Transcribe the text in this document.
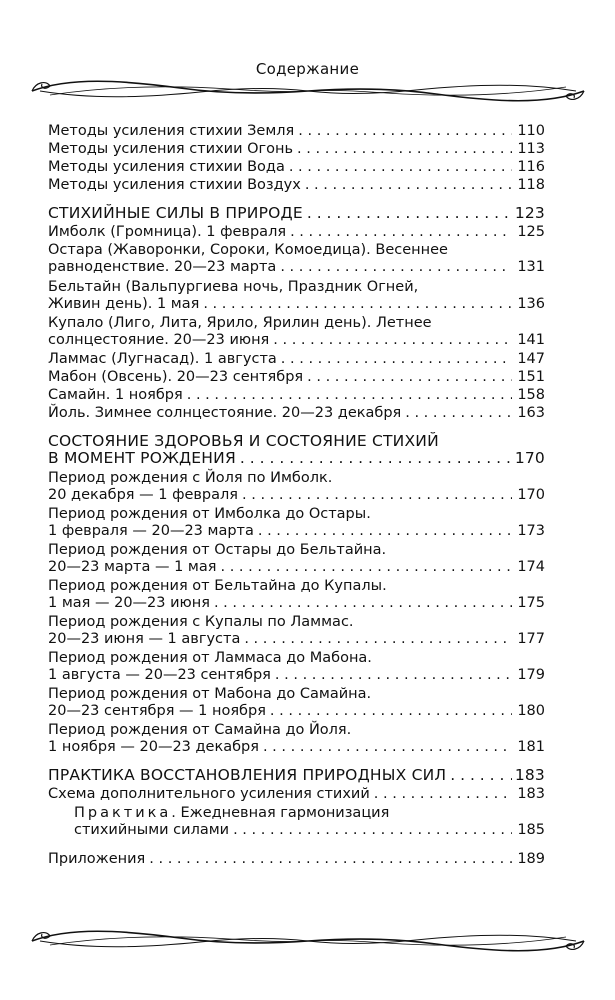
Содержание
Методы усиления стихии Земля . . .	110
Методы усиления стихии Огонь . . .	113
Методы усиления стихии Вода . . .	116
Методы усиления стихии Воздух . . .	118
СТИХИЙНЫЕ СИЛЫ В ПРИРОДЕ . . .	123
Имболк (Громница). 1 февраля . . .	125
Остара (Жаворонки, Сороки, Комоедица). Весеннее
равноденствие. 20—23 марта . . .	131
Бельтайн (Вальпургиева ночь, Праздник Огней,
Живин день). 1 мая . . .	136
Купало (Лиго, Лита, Ярило, Ярилин день). Летнее
солнцестояние. 20—23 июня . . .	141
Ламмас (Лугнасад). 1 августа . . .	147
Мабон (Овсень). 20—23 сентября . . .	151
Самайн. 1 ноября . . .	158
Йоль. Зимнее солнцестояние. 20—23 декабря . . .	163
СОСТОЯНИЕ ЗДОРОВЬЯ И СОСТОЯНИЕ СТИХИЙ
В МОМЕНТ РОЖДЕНИЯ . . .	170
Период рождения с Йоля по Имболк.
20 декабря — 1 февраля . . .	170
Период рождения от Имболка до Остары.
1 февраля — 20—23 марта . . .	173
Период рождения от Остары до Бельтайна.
20—23 марта — 1 мая . . .	174
Период рождения от Бельтайна до Купалы.
1 мая — 20—23 июня . . .	175
Период рождения с Купалы по Ламмас.
20—23 июня — 1 августа . . .	177
Период рождения от Ламмаса до Мабона.
1 августа — 20—23 сентября . . .	179
Период рождения от Мабона до Самайна.
20—23 сентября — 1 ноября . . .	180
Период рождения от Самайна до Йоля.
1 ноября — 20—23 декабря . . .	181
ПРАКТИКА ВОССТАНОВЛЕНИЯ ПРИРОДНЫХ СИЛ . . .	183
Схема дополнительного усиления стихий . . .	183
Практика. Ежедневная гармонизация
стихийными силами . . .	185
Приложения . . .	189
